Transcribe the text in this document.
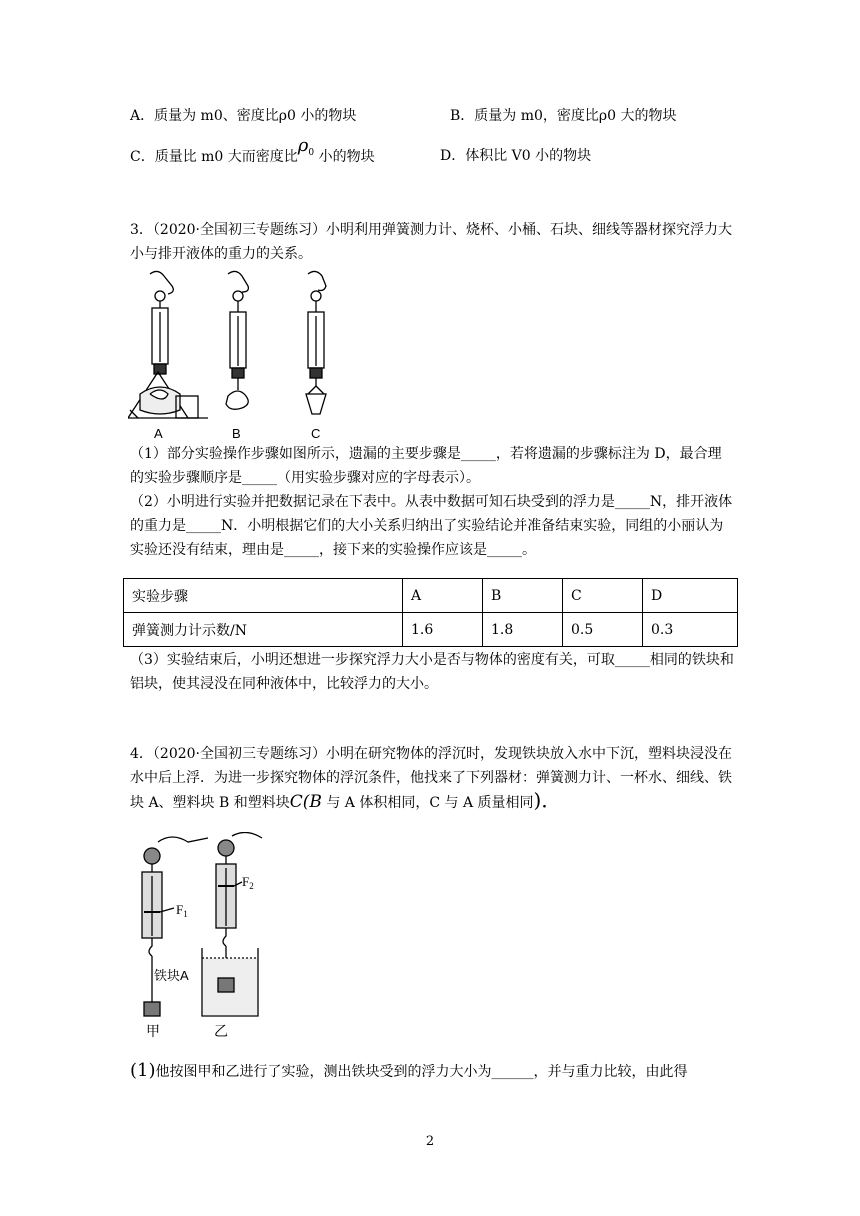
A．质量为 m0、密度比ρ0 小的物块	B．质量为 m0，密度比ρ0 大的物块
C．质量比 m0 大而密度比$\rho_0$ 小的物块	D．体积比 V0 小的物块
3．（2020·全国初三专题练习）小明利用弹簧测力计、烧杯、小桶、石块、细线等器材探究浮力大小与排开液体的重力的关系。
A	B	C
（1）部分实验操作步骤如图所示，遗漏的主要步骤是_____，若将遗漏的步骤标注为 D，最合理的实验步骤顺序是_____（用实验步骤对应的字母表示）。
（2）小明进行实验并把数据记录在下表中。从表中数据可知石块受到的浮力是_____N，排开液体的重力是_____N．小明根据它们的大小关系归纳出了实验结论并准备结束实验，同组的小丽认为实验还没有结束，理由是_____，接下来的实验操作应该是_____。
实验步骤	A	B	C	D
弹簧测力计示数/N	1.6	1.8	0.5	0.3
（3）实验结束后，小明还想进一步探究浮力大小是否与物体的密度有关，可取_____相同的铁块和铝块，使其浸没在同种液体中，比较浮力的大小。
4．（2020·全国初三专题练习）小明在研究物体的浮沉时，发现铁块放入水中下沉，塑料块浸没在水中后上浮．为进一步探究物体的浮沉条件，他找来了下列器材：弹簧测力计、一杯水、细线、铁块 A、塑料块 B 和塑料块C(B 与 A 体积相同，C 与 A 质量相同)．
$F_1$
铁块A
甲
$F_2$
乙
(1)他按图甲和乙进行了实验，测出铁块受到的浮力大小为______，并与重力比较，由此得
2
